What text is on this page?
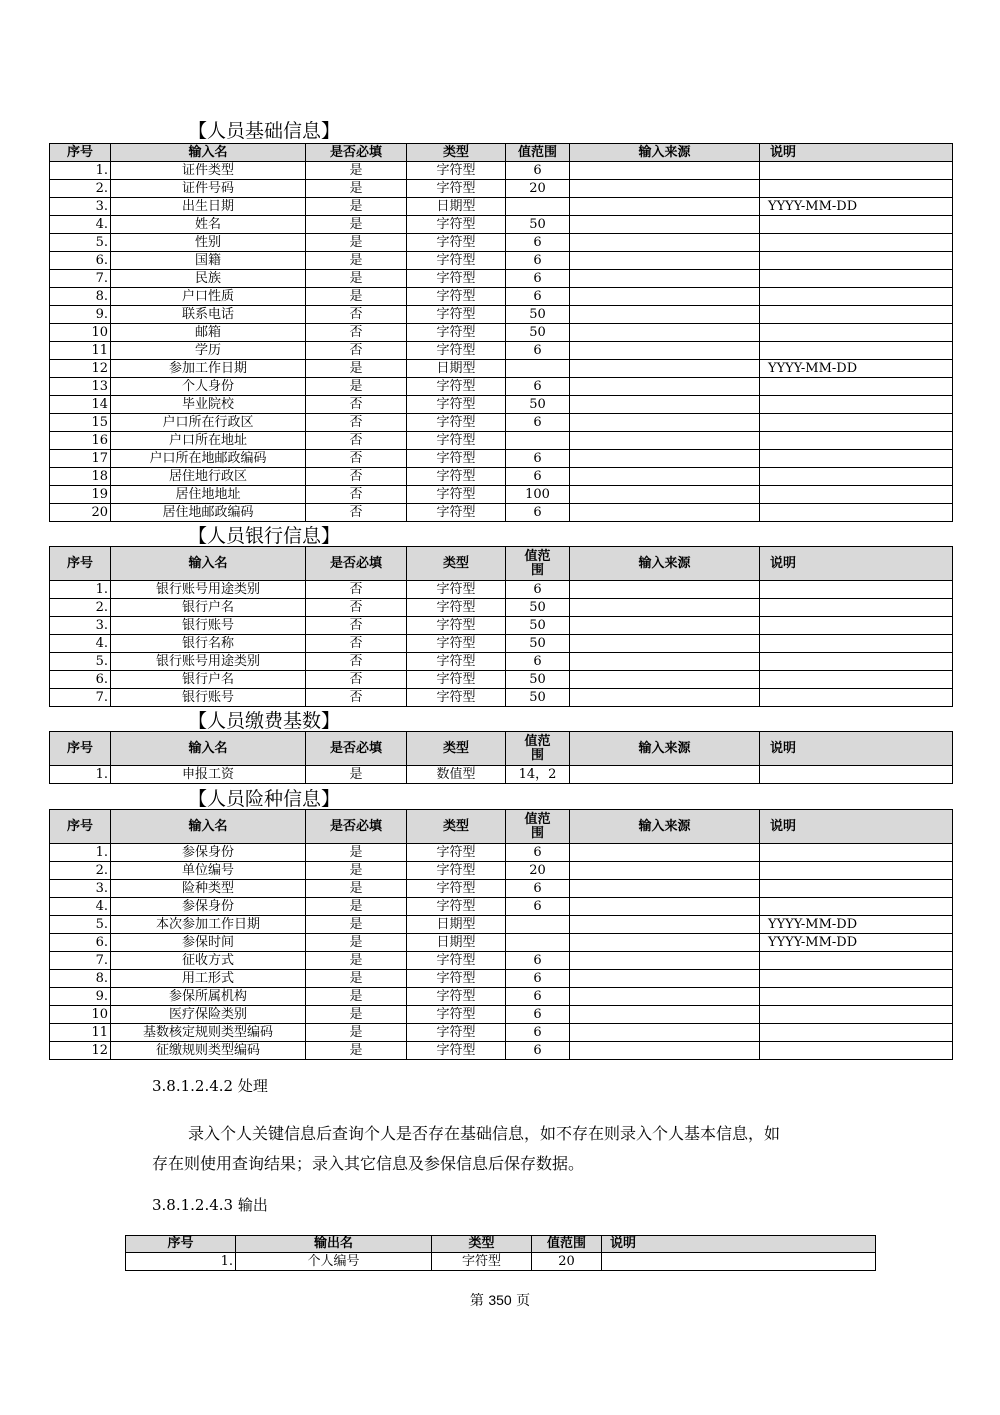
【人员基础信息】
序号	输入名	是否必填	类型	值范围	输入来源	说明
1.	证件类型	是	字符型	6		
2.	证件号码	是	字符型	20		
3.	出生日期	是	日期型			YYYY-MM-DD
4.	姓名	是	字符型	50		
5.	性别	是	字符型	6		
6.	国籍	是	字符型	6		
7.	民族	是	字符型	6		
8.	户口性质	是	字符型	6		
9.	联系电话	否	字符型	50		
10	邮箱	否	字符型	50		
11	学历	否	字符型	6		
12	参加工作日期	是	日期型			YYYY-MM-DD
13	个人身份	是	字符型	6		
14	毕业院校	否	字符型	50		
15	户口所在行政区	否	字符型	6		
16	户口所在地址	否	字符型			
17	户口所在地邮政编码	否	字符型	6		
18	居住地行政区	否	字符型	6		
19	居住地地址	否	字符型	100		
20	居住地邮政编码	否	字符型	6		
【人员银行信息】
序号	输入名	是否必填	类型	值范围	输入来源	说明
1.	银行账号用途类别	否	字符型	6		
2.	银行户名	否	字符型	50		
3.	银行账号	否	字符型	50		
4.	银行名称	否	字符型	50		
5.	银行账号用途类别	否	字符型	6		
6.	银行户名	否	字符型	50		
7.	银行账号	否	字符型	50		
【人员缴费基数】
序号	输入名	是否必填	类型	值范围	输入来源	说明
1.	申报工资	是	数值型	14，2		
【人员险种信息】
序号	输入名	是否必填	类型	值范围	输入来源	说明
1.	参保身份	是	字符型	6		
2.	单位编号	是	字符型	20		
3.	险种类型	是	字符型	6		
4.	参保身份	是	字符型	6		
5.	本次参加工作日期	是	日期型			YYYY-MM-DD
6.	参保时间	是	日期型			YYYY-MM-DD
7.	征收方式	是	字符型	6		
8.	用工形式	是	字符型	6		
9.	参保所属机构	是	字符型	6		
10	医疗保险类别	是	字符型	6		
11	基数核定规则类型编码	是	字符型	6		
12	征缴规则类型编码	是	字符型	6		
3.8.1.2.4.2 处理
录入个人关键信息后查询个人是否存在基础信息，如不存在则录入个人基本信息，如
存在则使用查询结果；录入其它信息及参保信息后保存数据。
3.8.1.2.4.3 输出
序号	输出名	类型	值范围	说明
1.	个人编号	字符型	20	
第 350 页
